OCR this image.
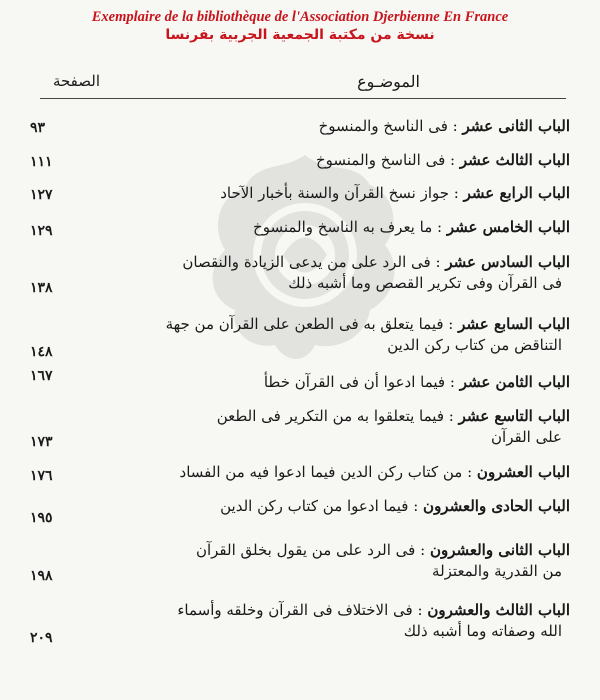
Exemplaire de la bibliothèque de l'Association Djerbienne En France
نسخة من مكتبة الجمعية الجربية بفرنسا
الموضـوع
الصفحة
الباب الثانى عشر : فى الناسخ والمنسوخ
٩٣
الباب الثالث عشر : فى الناسخ والمنسوخ
١١١
الباب الرابع عشر : جواز نسخ القرآن والسنة بأخبار الآحاد
١٢٧
الباب الخامس عشر : ما يعرف به الناسخ والمنسوخ
١٢٩
الباب السادس عشر : فى الرد على من يدعى الزيادة والنقصان
فى القرآن وفى تكرير القصص وما أشبه ذلك
١٣٨
الباب السابع عشر : فيما يتعلق به فى الطعن على القرآن من جهة
التناقض من كتاب ركن الدين
١٤٨
الباب الثامن عشر : فيما ادعوا أن فى القرآن خطأ
١٦٧
الباب التاسع عشر : فيما يتعلقوا به من التكرير فى الطعن
على القرآن
١٧٣
الباب العشرون : من كتاب ركن الدين فيما ادعوا فيه من الفساد
١٧٦
الباب الحادى والعشرون : فيما ادعوا من كتاب ركن الدين
١٩٥
الباب الثانى والعشرون : فى الرد على من يقول بخلق القرآن
من القدرية والمعتزلة
١٩٨
الباب الثالث والعشرون : فى الاختلاف فى القرآن وخلقه وأسماء
الله وصفاته وما أشبه ذلك
٢٠٩
